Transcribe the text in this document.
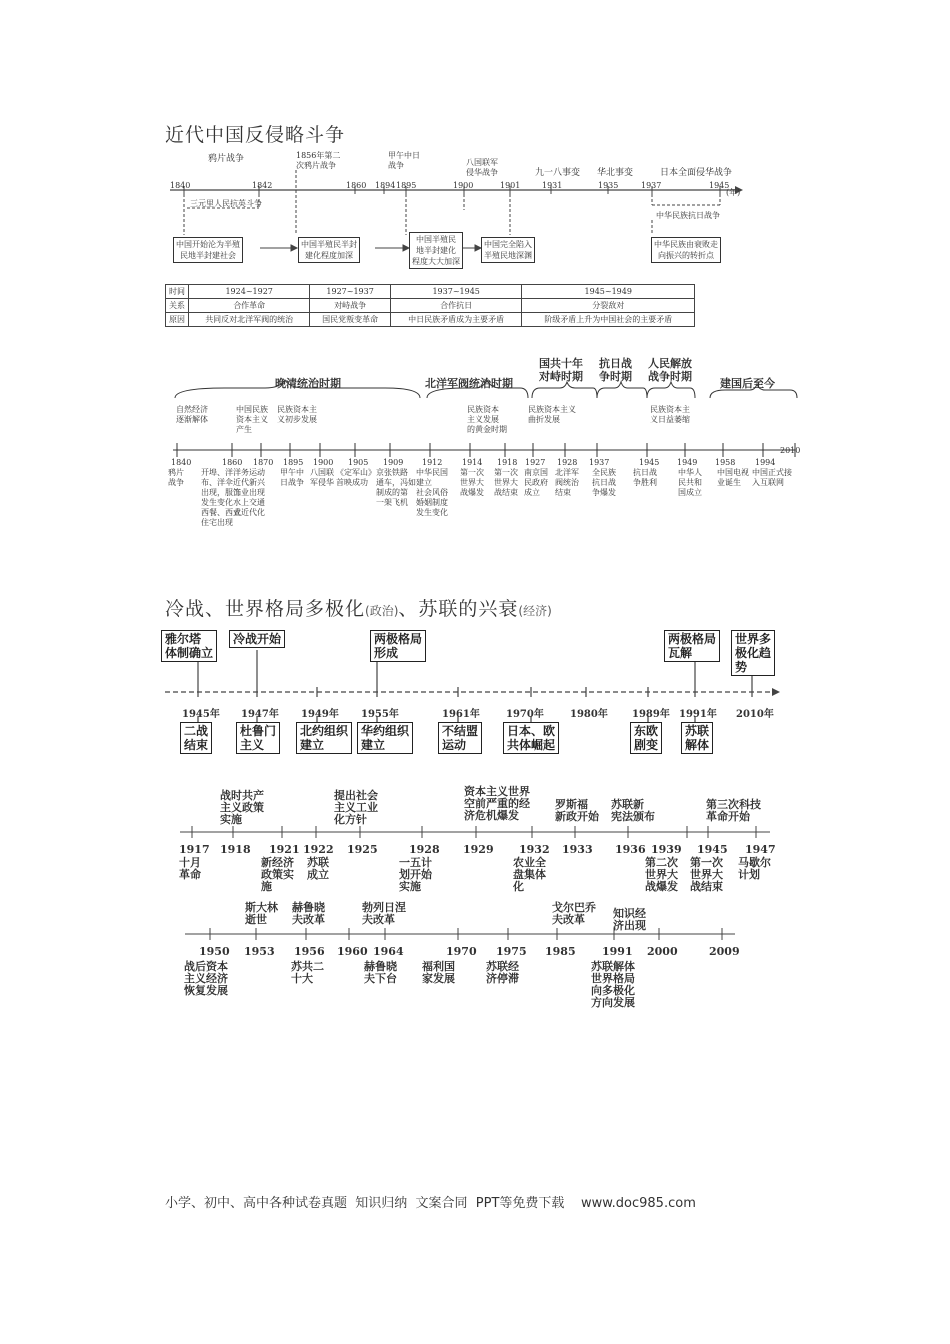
近代中国反侵略斗争
鸦片战争	1856年第二
次鸦片战争
甲午中日
战争	八国联军
侵华战争	九一八事变 华北事变	日本全面侵华战争
1840	1842	1860 1894 1895	1900	1901	1931	1935	1937	1945
(年)
三元里人民抗英斗争
中华民族抗日战争
中国开始沦为半殖
民地半封建社会
中国半殖民半封
建化程度加深
中国半殖民
地半封建化
程度大大加深
中国完全陷入
半殖民地深渊
中华民族由衰败走
向振兴的转折点
时间	1924~1927	1927~1937	1937~1945	1945~1949
关系	合作革命	对峙战争	合作抗日	分裂敌对
原因	共同反对北洋军阀的统治	国民党叛变革命	中日民族矛盾成为主要矛盾	阶级矛盾上升为中国社会的主要矛盾
晚清统治时期	北洋军阀统治时期
国共十年
对峙时期
抗日战
争时期
人民解放
战争时期
建国后至今
自然经济
逐渐解体
中国民族
资本主义
产生
民族资本主
义初步发展
民族资本
主义发展
的黄金时期
民族资本主义
曲折发展
民族资本主
义日益萎缩
1840	1860 1870 1895 1900 1905 1909 1912 1914 1918 1927 1928 1937	1945 1949 1958 1994
2010
鸦片
战争
开埠、洋
布、洋伞
出现，服饰
发生变化
西餐、西式
住宅出现
洋务运动
近代新兴
工业出现
水上交通
业近代化
甲午中
日战争
八国联
军侵华
《定军山》
首映成功
京张铁路
通车，冯如
制成的第
一架飞机
中华民国
建立
社会风俗
婚姻制度
发生变化
第一次
世界大
战爆发
第一次
世界大
战结束
南京国
民政府
成立
北洋军
阀统治
结束
全民族
抗日战
争爆发
抗日战
争胜利
中华人
民共和
国成立
中国电视
业诞生
中国正式接
入互联网
冷战、世界格局多极化(政治)、苏联的兴衰(经济)
雅尔塔
体制确立
冷战开始	两极格局
形成
两极格局
瓦解
世界多
极化趋
势
1945年 1947年 1949年 1955年	1961年	1970年	1980年 1989年 1991年 2010年
二战
结束
杜鲁门
主义
北约组织
建立
华约组织
建立
不结盟
运动
日本、欧
共体崛起
东欧
剧变
苏联
解体
战时共产
主义政策
实施
提出社会
主义工业
化方针
资本主义世界
空前严重的经
济危机爆发
罗斯福
新政开始
苏联新
宪法颁布
第三次科技
革命开始
1917 1918 1921 1922 1925	1928 1929 1932 1933 1936 1939 1945 1947
十月
革命
新经济
政策实
施
苏联
成立
一五计
划开始
实施
农业全
盘集体
化
第二次
世界大
战爆发
第一次
世界大
战结束
马歇尔
计划
斯大林
逝世
赫鲁晓
夫改革
勃列日涅
夫改革
戈尔巴乔
夫改革	知识经
济出现
1950 1953 1956 1960 1964	1970 1975 1985 1991 2000	2009
战后资本
主义经济
恢复发展
苏共二
十大
赫鲁晓
夫下台
福利国
家发展
苏联经
济停滞
苏联解体
世界格局
向多极化
方向发展
小学、初中、高中各种试卷真题  知识归纳  文案合同  PPT等免费下载 www.doc985.com
